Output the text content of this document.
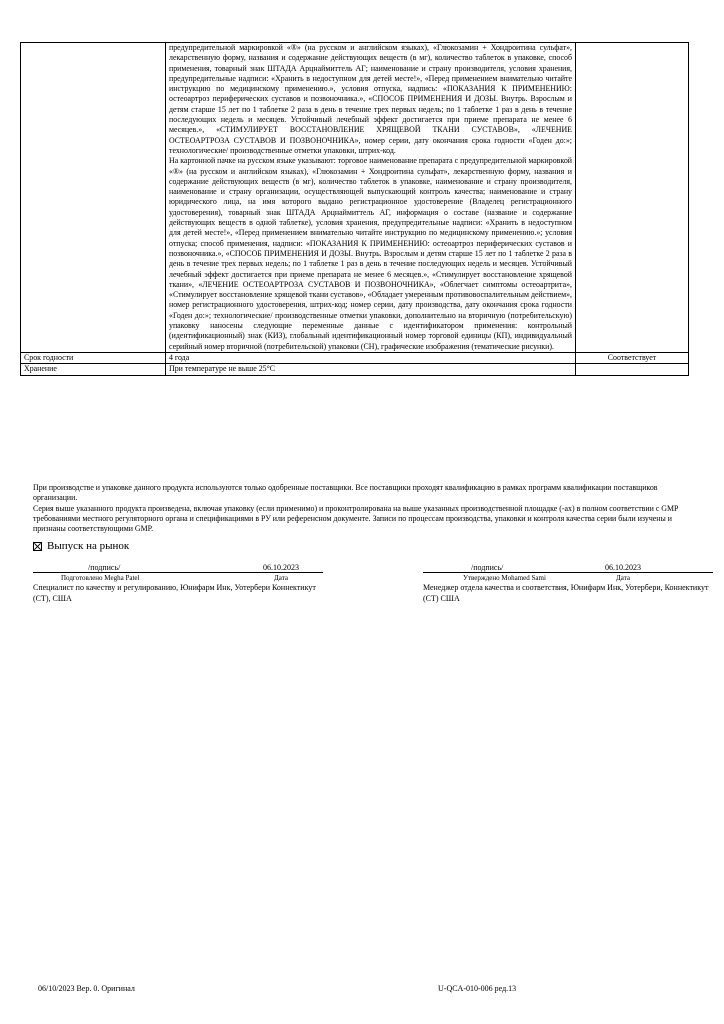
	предупредительной маркировкой «®» (на русском и английском языках), «Глюкозамин + Хондроитина сульфат», лекарственную форму, названия и содержание действующих веществ (в мг), количество таблеток в упаковке, способ применения, товарный знак ШТАДА Арцнаймиттель АГ; наименование и страну производителя, условия хранения, предупредительные надписи: «Хранить в недоступном для детей месте!», «Перед применением внимательно читайте инструкцию по медицинскому применению.», условия отпуска, надпись: «ПОКАЗАНИЯ К ПРИМЕНЕНИЮ: остеоартроз периферических суставов и позвоночника.», «СПОСОБ ПРИМЕНЕНИЯ И ДОЗЫ. Внутрь. Взрослым и детям старше 15 лет по 1 таблетке 2 раза в день в течение трех первых недель; по 1 таблетке 1 раз в день в течение последующих недель и месяцев. Устойчивый лечебный эффект достигается при приеме препарата не менее 6 месяцев.», «СТИМУЛИРУЕТ ВОССТАНОВЛЕНИЕ ХРЯЩЕВОЙ ТКАНИ СУСТАВОВ», «ЛЕЧЕНИЕ ОСТЕОАРТРОЗА СУСТАВОВ И ПОЗВОНОЧНИКА», номер серии, дату окончания срока годности «Годен до:»; технологические/ производственные отметки упаковки, штрих-код.
На картонной пачке на русском языке указывают: торговое наименование препарата с предупредительной маркировкой «®» (на русском и английском языках), «Глюкозамин + Хондроитина сульфат», лекарственную форму, названия и содержание действующих веществ (в мг), количество таблеток в упаковке, наименование и страну производителя, наименование и страну организации, осуществляющей выпускающий контроль качества; наименование и страну юридического лица, на имя которого выдано регистрационное удостоверение (Владелец регистрационного удостоверения), товарный знак ШТАДА Арцнаймиттель АГ, информация о составе (название и содержание действующих веществ в одной таблетке), условия хранения, предупредительные надписи: «Хранить в недоступном для детей месте!», «Перед применением внимательно читайте инструкцию по медицинскому применению.»; условия отпуска; способ применения, надписи: «ПОКАЗАНИЯ К ПРИМЕНЕНИЮ: остеоартроз периферических суставов и позвоночника.», «СПОСОБ ПРИМЕНЕНИЯ И ДОЗЫ. Внутрь. Взрослым и детям старше 15 лет по 1 таблетке 2 раза в день в течение трех первых недель; по 1 таблетке 1 раз в день в течение последующих недель и месяцев. Устойчивый лечебный эффект достигается при приеме препарата не менее 6 месяцев.», «Стимулирует восстановление хрящевой ткани», «ЛЕЧЕНИЕ ОСТЕОАРТРОЗА СУСТАВОВ И ПОЗВОНОЧНИКА», «Облегчает симптомы остеоартрита», «Стимулирует восстановление хрящевой ткани суставов», «Обладает умеренным противовоспалительным действием», номер регистрационного удостоверения, штрих-код; номер серии, дату производства, дату окончания срока годности «Годен до:»; технологические/ производственные отметки упаковки, дополнительно на вторичную (потребительскую) упаковку наносены следующие переменные данные с идентификатором применения: контрольный (идентификационный) знак (КИЗ), глобальный идентификационный номер торговой единицы (КП), индивидуальный серийный номер вторичной (потребительской) упаковки (СН), графические изображения (тематические рисунки).	

Срок годности	4 года	Соответствует
Хранение	При температуре не выше 25°C	

При производстве и упаковке данного продукта используются только одобренные поставщики. Все поставщики проходят квалификацию в рамках программ квалификации поставщиков организации.

Серия выше указанного продукта произведена, включая упаковку (если применимо) и проконтролирована на выше указанных производственной площадке (-ах) в полном соответствии с GMP требованиями местного регуляторного органа и спецификациями в РУ или референсном документе. Записи по процессам производства, упаковки и контроля качества серии были изучены и признаны соответствующими GMP.

Выпуск на рынок
/подпись/	06.10.2023
Подготовлено Megha Patel	Дата
Специалист по качеству и регулированию, Юнифарм Инк, Уотербери Коннектикут (СТ), США
/подпись/	06.10.2023
Утверждено Mohamed Sami	Дата
Менеджер отдела качества и соответствия, Юнифарм Инк, Уотербери, Коннектикут (СТ) США
06/10/2023 Вер. 0. Оригинал	U-QCA-010-006 ред.13
